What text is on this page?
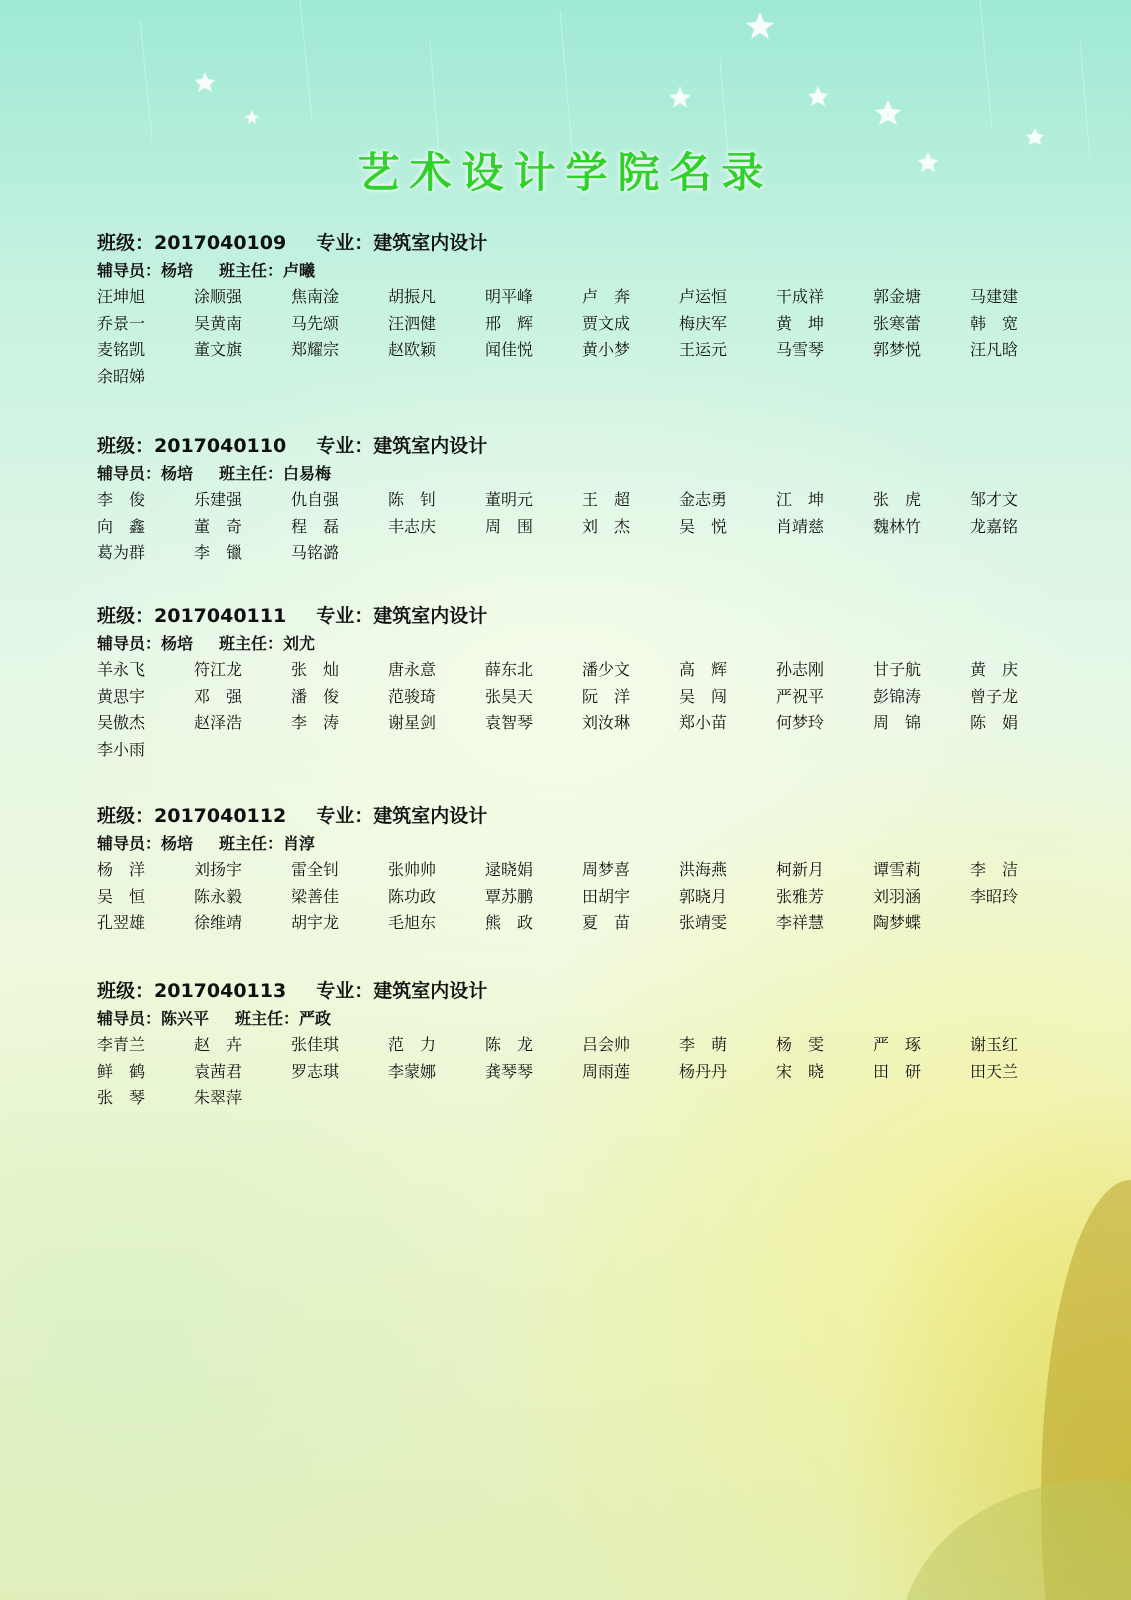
艺术设计学院名录
班级：2017040109 专业：建筑室内设计
辅导员：杨培 班主任：卢曦
汪坤旭	涂顺强	焦南淦	胡振凡	明平峰	卢　奔	卢运恒	干成祥	郭金塘	马建建
乔景一	吴黄南	马先颂	汪泗健	邢　辉	贾文成	梅庆军	黄　坤	张寒蕾	韩　宽
麦铭凯	董文旗	郑耀宗	赵欧颖	闻佳悦	黄小梦	王运元	马雪琴	郭梦悦	汪凡晗
余昭娣
班级：2017040110 专业：建筑室内设计
辅导员：杨培 班主任：白易梅
李　俊	乐建强	仇自强	陈　钊	董明元	王　超	金志勇	江　坤	张　虎	邹才文
向　鑫	董　奇	程　磊	丰志庆	周　围	刘　杰	吴　悦	肖靖慈	魏林竹	龙嘉铭
葛为群	李　镴	马铭潞
班级：2017040111 专业：建筑室内设计
辅导员：杨培 班主任：刘尤
羊永飞	符江龙	张　灿	唐永意	薛东北	潘少文	高　辉	孙志刚	甘子航	黄　庆
黄思宇	邓　强	潘　俊	范骏琦	张昊天	阮　洋	吴　闯	严祝平	彭锦涛	曾子龙
吴傲杰	赵泽浩	李　涛	谢星剑	袁智琴	刘汝琳	郑小苗	何梦玲	周　锦	陈　娟
李小雨
班级：2017040112 专业：建筑室内设计
辅导员：杨培 班主任：肖淳
杨　洋	刘扬宇	雷全钊	张帅帅	逯晓娟	周梦喜	洪海燕	柯新月	谭雪莉	李　洁
吴　恒	陈永毅	梁善佳	陈功政	覃苏鹏	田胡宇	郭晓月	张雅芳	刘羽涵	李昭玲
孔翌雄	徐维靖	胡宇龙	毛旭东	熊　政	夏　苗	张靖雯	李祥慧	陶梦蝶
班级：2017040113 专业：建筑室内设计
辅导员：陈兴平 班主任：严政
李青兰	赵　卉	张佳琪	范　力	陈　龙	吕会帅	李　萌	杨　雯	严　琢	谢玉红
鲜　鹤	袁茜君	罗志琪	李蒙娜	龚琴琴	周雨莲	杨丹丹	宋　晓	田　研	田天兰
张　琴	朱翠萍
